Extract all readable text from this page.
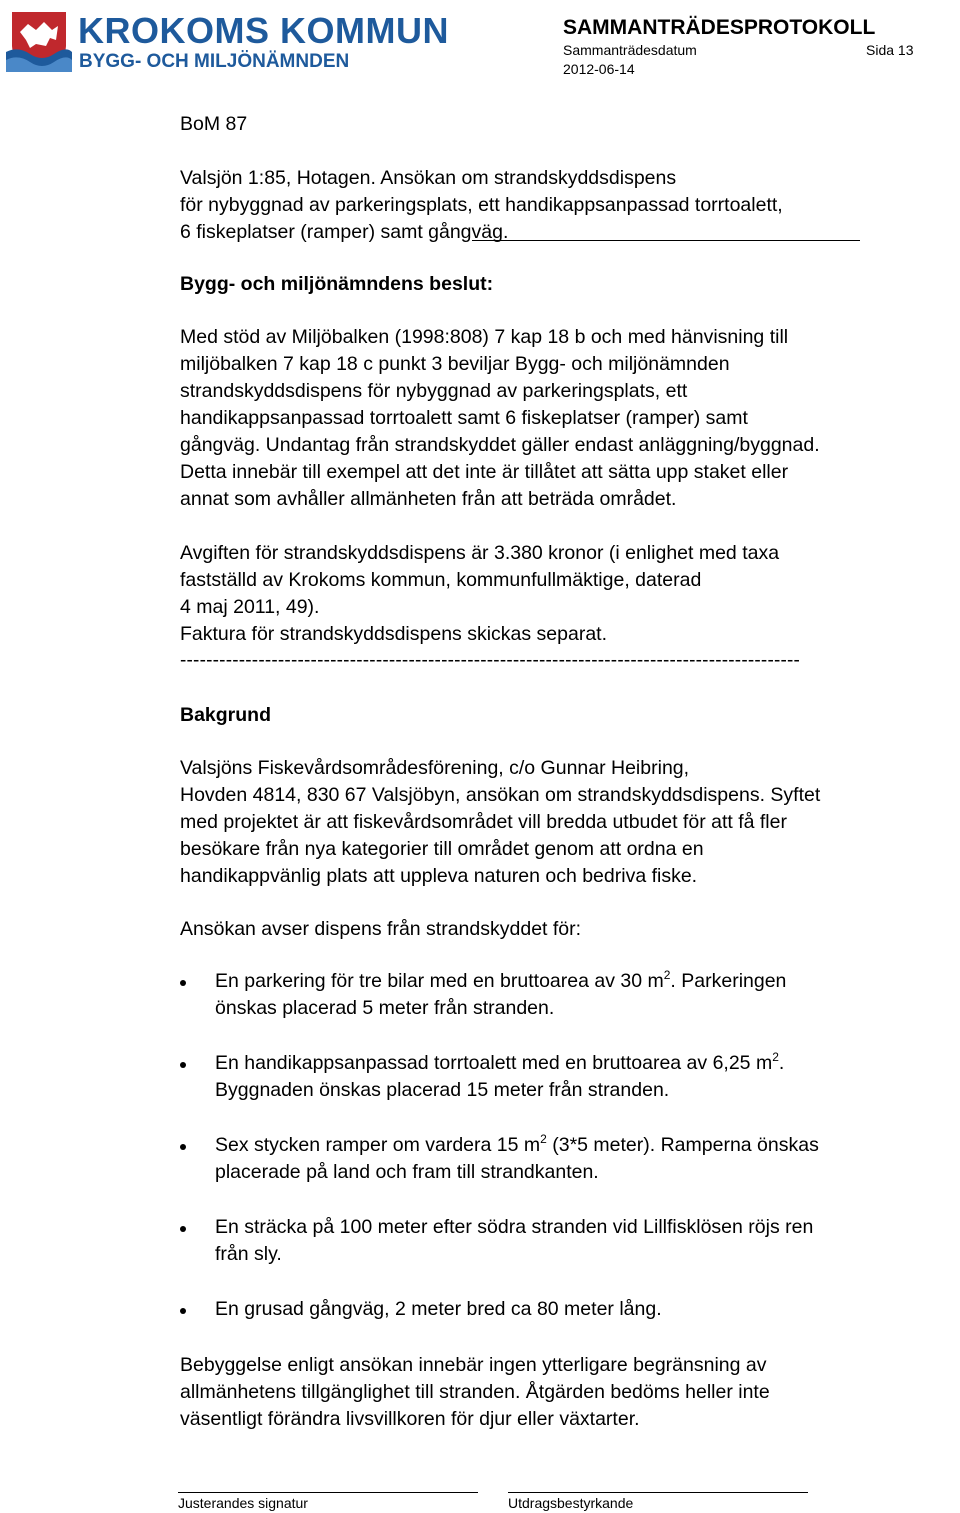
KROKOMS KOMMUN
BYGG- OCH MILJÖNÄMNDEN
SAMMANTRÄDESPROTOKOLL
Sammanträdesdatum	Sida 13
2012-06-14
BoM 87
Valsjön 1:85, Hotagen. Ansökan om strandskyddsdispens
för nybyggnad av parkeringsplats, ett handikappsanpassad torrtoalett,
6 fiskeplatser (ramper) samt gångväg.
Bygg- och miljönämndens beslut:
Med stöd av Miljöbalken (1998:808) 7 kap 18 b och med hänvisning till
miljöbalken 7 kap 18 c punkt 3 beviljar Bygg- och miljönämnden
strandskyddsdispens för nybyggnad av parkeringsplats, ett
handikappsanpassad torrtoalett samt 6 fiskeplatser (ramper) samt
gångväg. Undantag från strandskyddet gäller endast anläggning/byggnad.
Detta innebär till exempel att det inte är tillåtet att sätta upp staket eller
annat som avhåller allmänheten från att beträda området.
Avgiften för strandskyddsdispens är 3.380 kronor (i enlighet med taxa
fastställd av Krokoms kommun, kommunfullmäktige, daterad
4 maj 2011, 49).
Faktura för strandskyddsdispens skickas separat.
-----------------------------------------------------------------------------------------------
Bakgrund
Valsjöns Fiskevårdsområdesförening, c/o Gunnar Heibring,
Hovden 4814, 830 67 Valsjöbyn, ansökan om strandskyddsdispens. Syftet
med projektet är att fiskevårdsområdet vill bredda utbudet för att få fler
besökare från nya kategorier till området genom att ordna en
handikappvänlig plats att uppleva naturen och bedriva fiske.
Ansökan avser dispens från strandskyddet för:
En parkering för tre bilar med en bruttoarea av 30 $m^2$. Parkeringen
önskas placerad 5 meter från stranden.
En handikappsanpassad torrtoalett med en bruttoarea av 6,25 $m^2$.
Byggnaden önskas placerad 15 meter från stranden.
Sex stycken ramper om vardera 15 $m^2$ (3*5 meter). Ramperna önskas
placerade på land och fram till strandkanten.
En sträcka på 100 meter efter södra stranden vid Lillfisklösen röjs ren
från sly.
En grusad gångväg, 2 meter bred ca 80 meter lång.
Bebyggelse enligt ansökan innebär ingen ytterligare begränsning av
allmänhetens tillgänglighet till stranden. Åtgärden bedöms heller inte
väsentligt förändra livsvillkoren för djur eller växtarter.
Justerandes signatur	Utdragsbestyrkande
